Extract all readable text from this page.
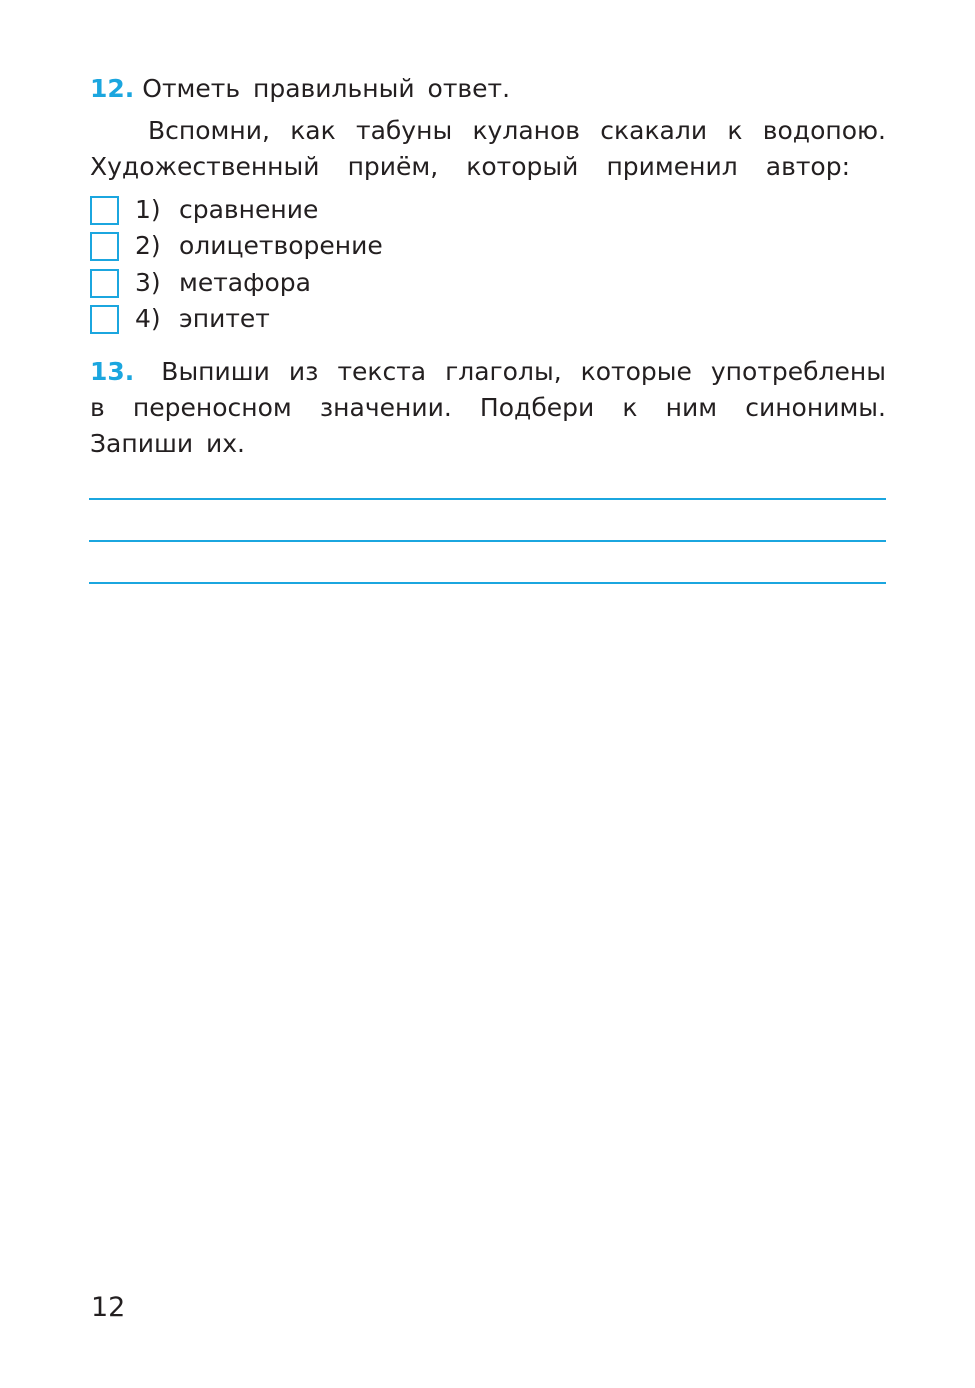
12. Отметь правильный ответ.
Вспомни, как табуны куланов скакали к водопою.
Художественный приём, который применил автор:
1) сравнение
2) олицетворение
3) метафора
4) эпитет
13. Выпиши из текста глаголы, которые употреблены
в переносном значении. Подбери к ним синонимы.
Запиши их.
12
